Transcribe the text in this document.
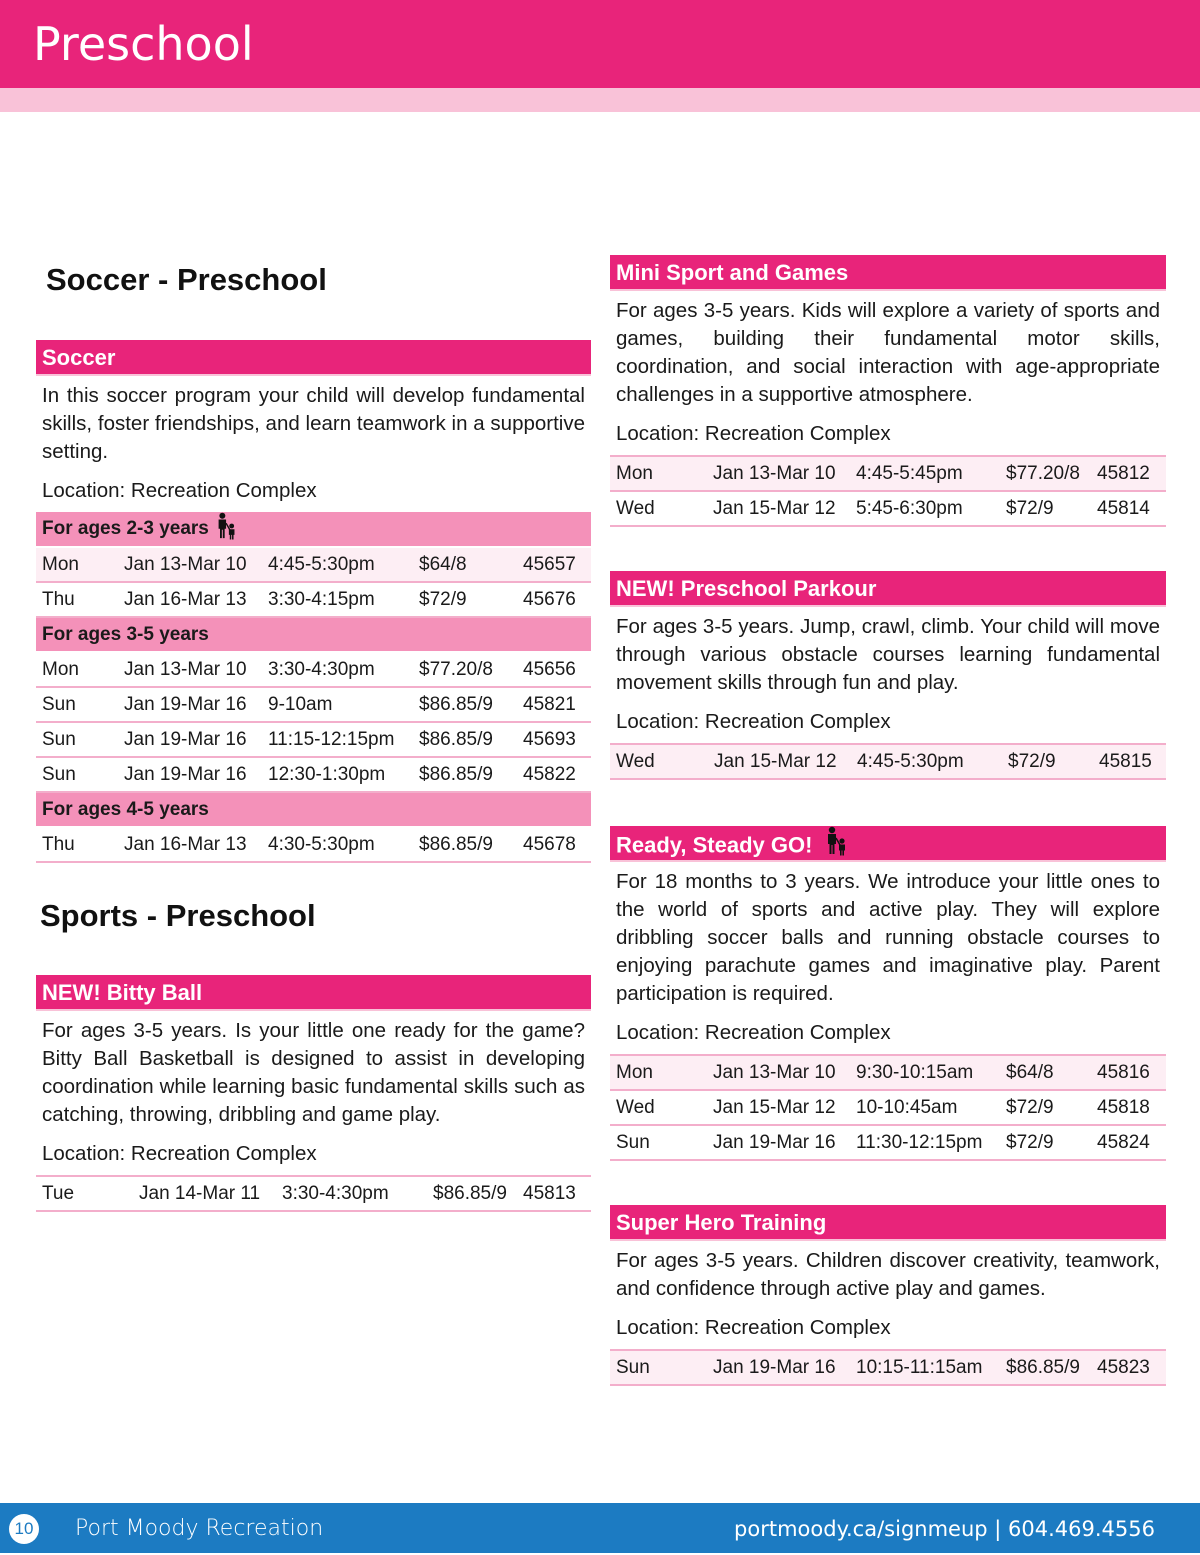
Preschool
Soccer - Preschool
Soccer
In this soccer program your child will develop fundamental skills, foster friendships, and learn teamwork in a supportive setting.
Location: Recreation Complex
For ages 2-3 years				
Mon	Jan 13-Mar 10	4:45-5:30pm	$64/8	45657
Thu	Jan 16-Mar 13	3:30-4:15pm	$72/9	45676
For ages 3-5 years				
Mon	Jan 13-Mar 10	3:30-4:30pm	$77.20/8	45656
Sun	Jan 19-Mar 16	9-10am	$86.85/9	45821
Sun	Jan 19-Mar 16	11:15-12:15pm	$86.85/9	45693
Sun	Jan 19-Mar 16	12:30-1:30pm	$86.85/9	45822
For ages 4-5 years				
Thu	Jan 16-Mar 13	4:30-5:30pm	$86.85/9	45678
Sports - Preschool
NEW! Bitty Ball
For ages 3-5 years. Is your little one ready for the game? Bitty Ball Basketball is designed to assist in developing coordination while learning basic fundamental skills such as catching, throwing, dribbling and game play.
Location: Recreation Complex
Tue	Jan 14-Mar 11	3:30-4:30pm	$86.85/9	45813
Mini Sport and Games
For ages 3-5 years. Kids will explore a variety of sports and games, building their fundamental motor skills, coordination, and social interaction with age-appropriate challenges in a supportive atmosphere.
Location: Recreation Complex
Mon	Jan 13-Mar 10	4:45-5:45pm	$77.20/8	45812
Wed	Jan 15-Mar 12	5:45-6:30pm	$72/9	45814
NEW! Preschool Parkour
For ages 3-5 years. Jump, crawl, climb. Your child will move through various obstacle courses learning fundamental movement skills through fun and play.
Location: Recreation Complex
Wed	Jan 15-Mar 12	4:45-5:30pm	$72/9	45815
Ready, Steady GO!
For 18 months to 3 years. We introduce your little ones to the world of sports and active play. They will explore dribbling soccer balls and running obstacle courses to enjoying parachute games and imaginative play. Parent participation is required.
Location: Recreation Complex
Mon	Jan 13-Mar 10	9:30-10:15am	$64/8	45816
Wed	Jan 15-Mar 12	10-10:45am	$72/9	45818
Sun	Jan 19-Mar 16	11:30-12:15pm	$72/9	45824
Super Hero Training
For ages 3-5 years. Children discover creativity, teamwork, and confidence through active play and games.
Location: Recreation Complex
Sun	Jan 19-Mar 16	10:15-11:15am	$86.85/9	45823
10 Port Moody Recreation	portmoody.ca/signmeup | 604.469.4556
